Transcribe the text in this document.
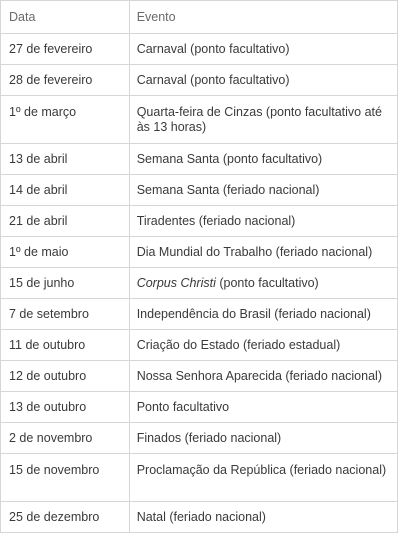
Data	Evento
27 de fevereiro	Carnaval (ponto facultativo)
28 de fevereiro	Carnaval (ponto facultativo)
1º de março	Quarta-feira de Cinzas (ponto facultativo até às 13 horas)
13 de abril	Semana Santa (ponto facultativo)
14 de abril	Semana Santa (feriado nacional)
21 de abril	Tiradentes (feriado nacional)
1º de maio	Dia Mundial do Trabalho (feriado nacional)
15 de junho	Corpus Christi (ponto facultativo)
7 de setembro	Independência do Brasil (feriado nacional)
11 de outubro	Criação do Estado (feriado estadual)
12 de outubro	Nossa Senhora Aparecida (feriado nacional)
13 de outubro	Ponto facultativo
2 de novembro	Finados (feriado nacional)
15 de novembro	Proclamação da República (feriado nacional)
25 de dezembro	Natal (feriado nacional)
